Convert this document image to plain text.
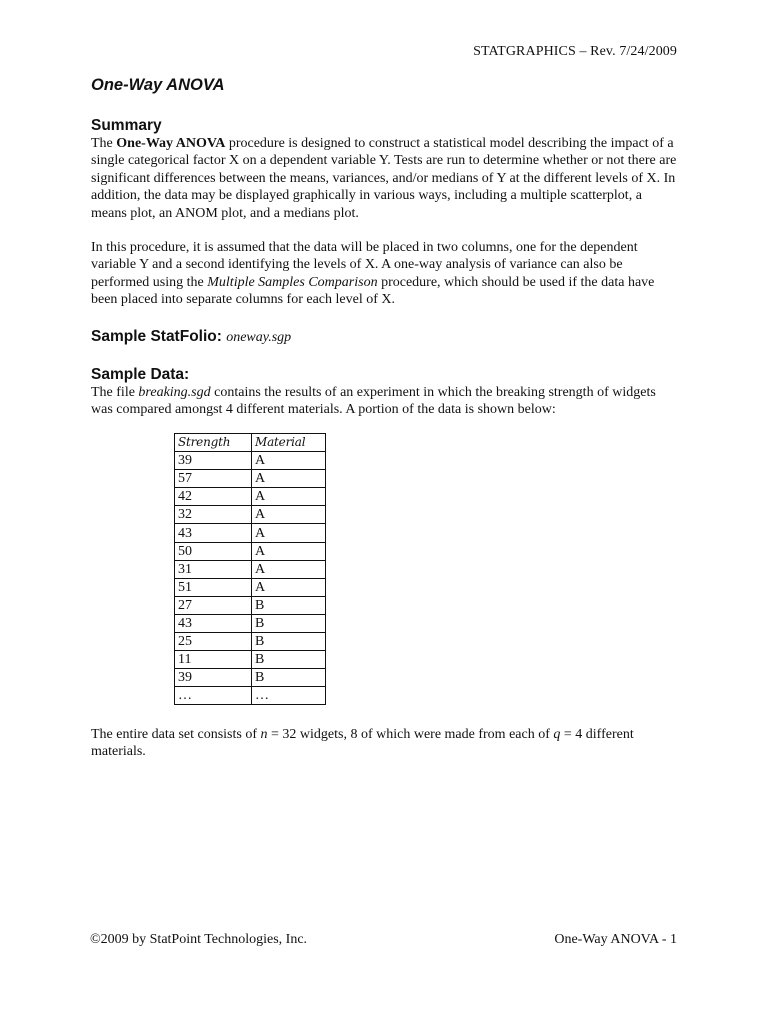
STATGRAPHICS – Rev. 7/24/2009
One-Way ANOVA
Summary

The One-Way ANOVA procedure is designed to construct a statistical model describing the impact of a single categorical factor X on a dependent variable Y. Tests are run to determine whether or not there are significant differences between the means, variances, and/or medians of Y at the different levels of X. In addition, the data may be displayed graphically in various ways, including a multiple scatterplot, a means plot, an ANOM plot, and a medians plot.

In this procedure, it is assumed that the data will be placed in two columns, one for the dependent variable Y and a second identifying the levels of X. A one-way analysis of variance can also be performed using the Multiple Samples Comparison procedure, which should be used if the data have been placed into separate columns for each level of X.

Sample StatFolio: oneway.sgp
Sample Data:

The file breaking.sgd contains the results of an experiment in which the breaking strength of widgets was compared amongst 4 different materials. A portion of the data is shown below:

Strength	Material
39	A
57	A
42	A
32	A
43	A
50	A
31	A
51	A
27	B
43	B
25	B
11	B
39	B
…	…

The entire data set consists of n = 32 widgets, 8 of which were made from each of q = 4 different materials.

©2009 by StatPoint Technologies, Inc.	One-Way ANOVA - 1
